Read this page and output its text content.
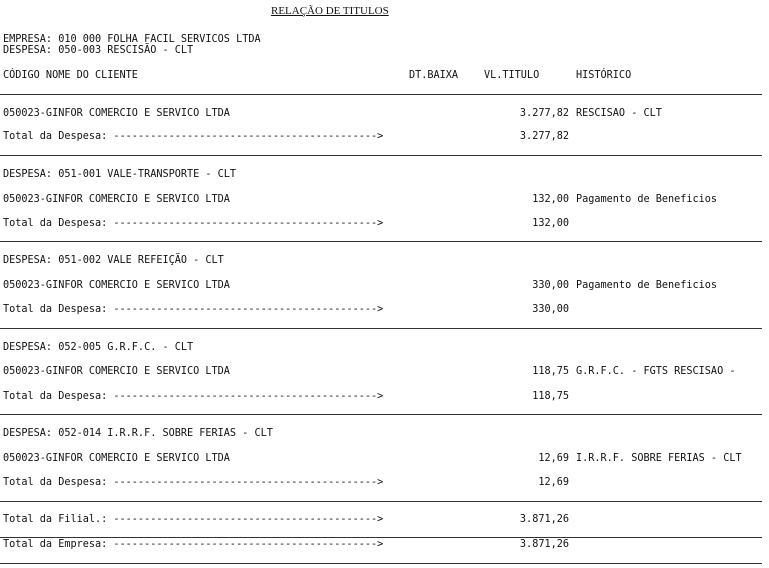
RELAÇÃO DE TITULOS
EMPRESA: 010 000 FOLHA FACIL SERVICOS LTDA
DESPESA: 050-003 RESCISÃO - CLT
CÓDIGO NOME DO CLIENTE	DT.BAIXA	VL.TITULO	HISTÓRICO
050023-GINFOR COMERCIO E SERVICO LTDA	3.277,82 RESCISAO - CLT
Total da Despesa: ------------------------------------------->	3.277,82
DESPESA: 051-001 VALE-TRANSPORTE - CLT
050023-GINFOR COMERCIO E SERVICO LTDA	132,00 Pagamento de Beneficios
Total da Despesa: ------------------------------------------->	132,00
DESPESA: 051-002 VALE REFEIÇÃO - CLT
050023-GINFOR COMERCIO E SERVICO LTDA	330,00 Pagamento de Beneficios
Total da Despesa: ------------------------------------------->	330,00
DESPESA: 052-005 G.R.F.C. - CLT
050023-GINFOR COMERCIO E SERVICO LTDA	118,75 G.R.F.C. - FGTS RESCISAO -
Total da Despesa: ------------------------------------------->	118,75
DESPESA: 052-014 I.R.R.F. SOBRE FERIAS - CLT
050023-GINFOR COMERCIO E SERVICO LTDA	12,69 I.R.R.F. SOBRE FÉRIAS - CLT
Total da Despesa: ------------------------------------------->	12,69
Total da Filial.: ------------------------------------------->	3.871,26
Total da Empresa: ------------------------------------------->	3.871,26
